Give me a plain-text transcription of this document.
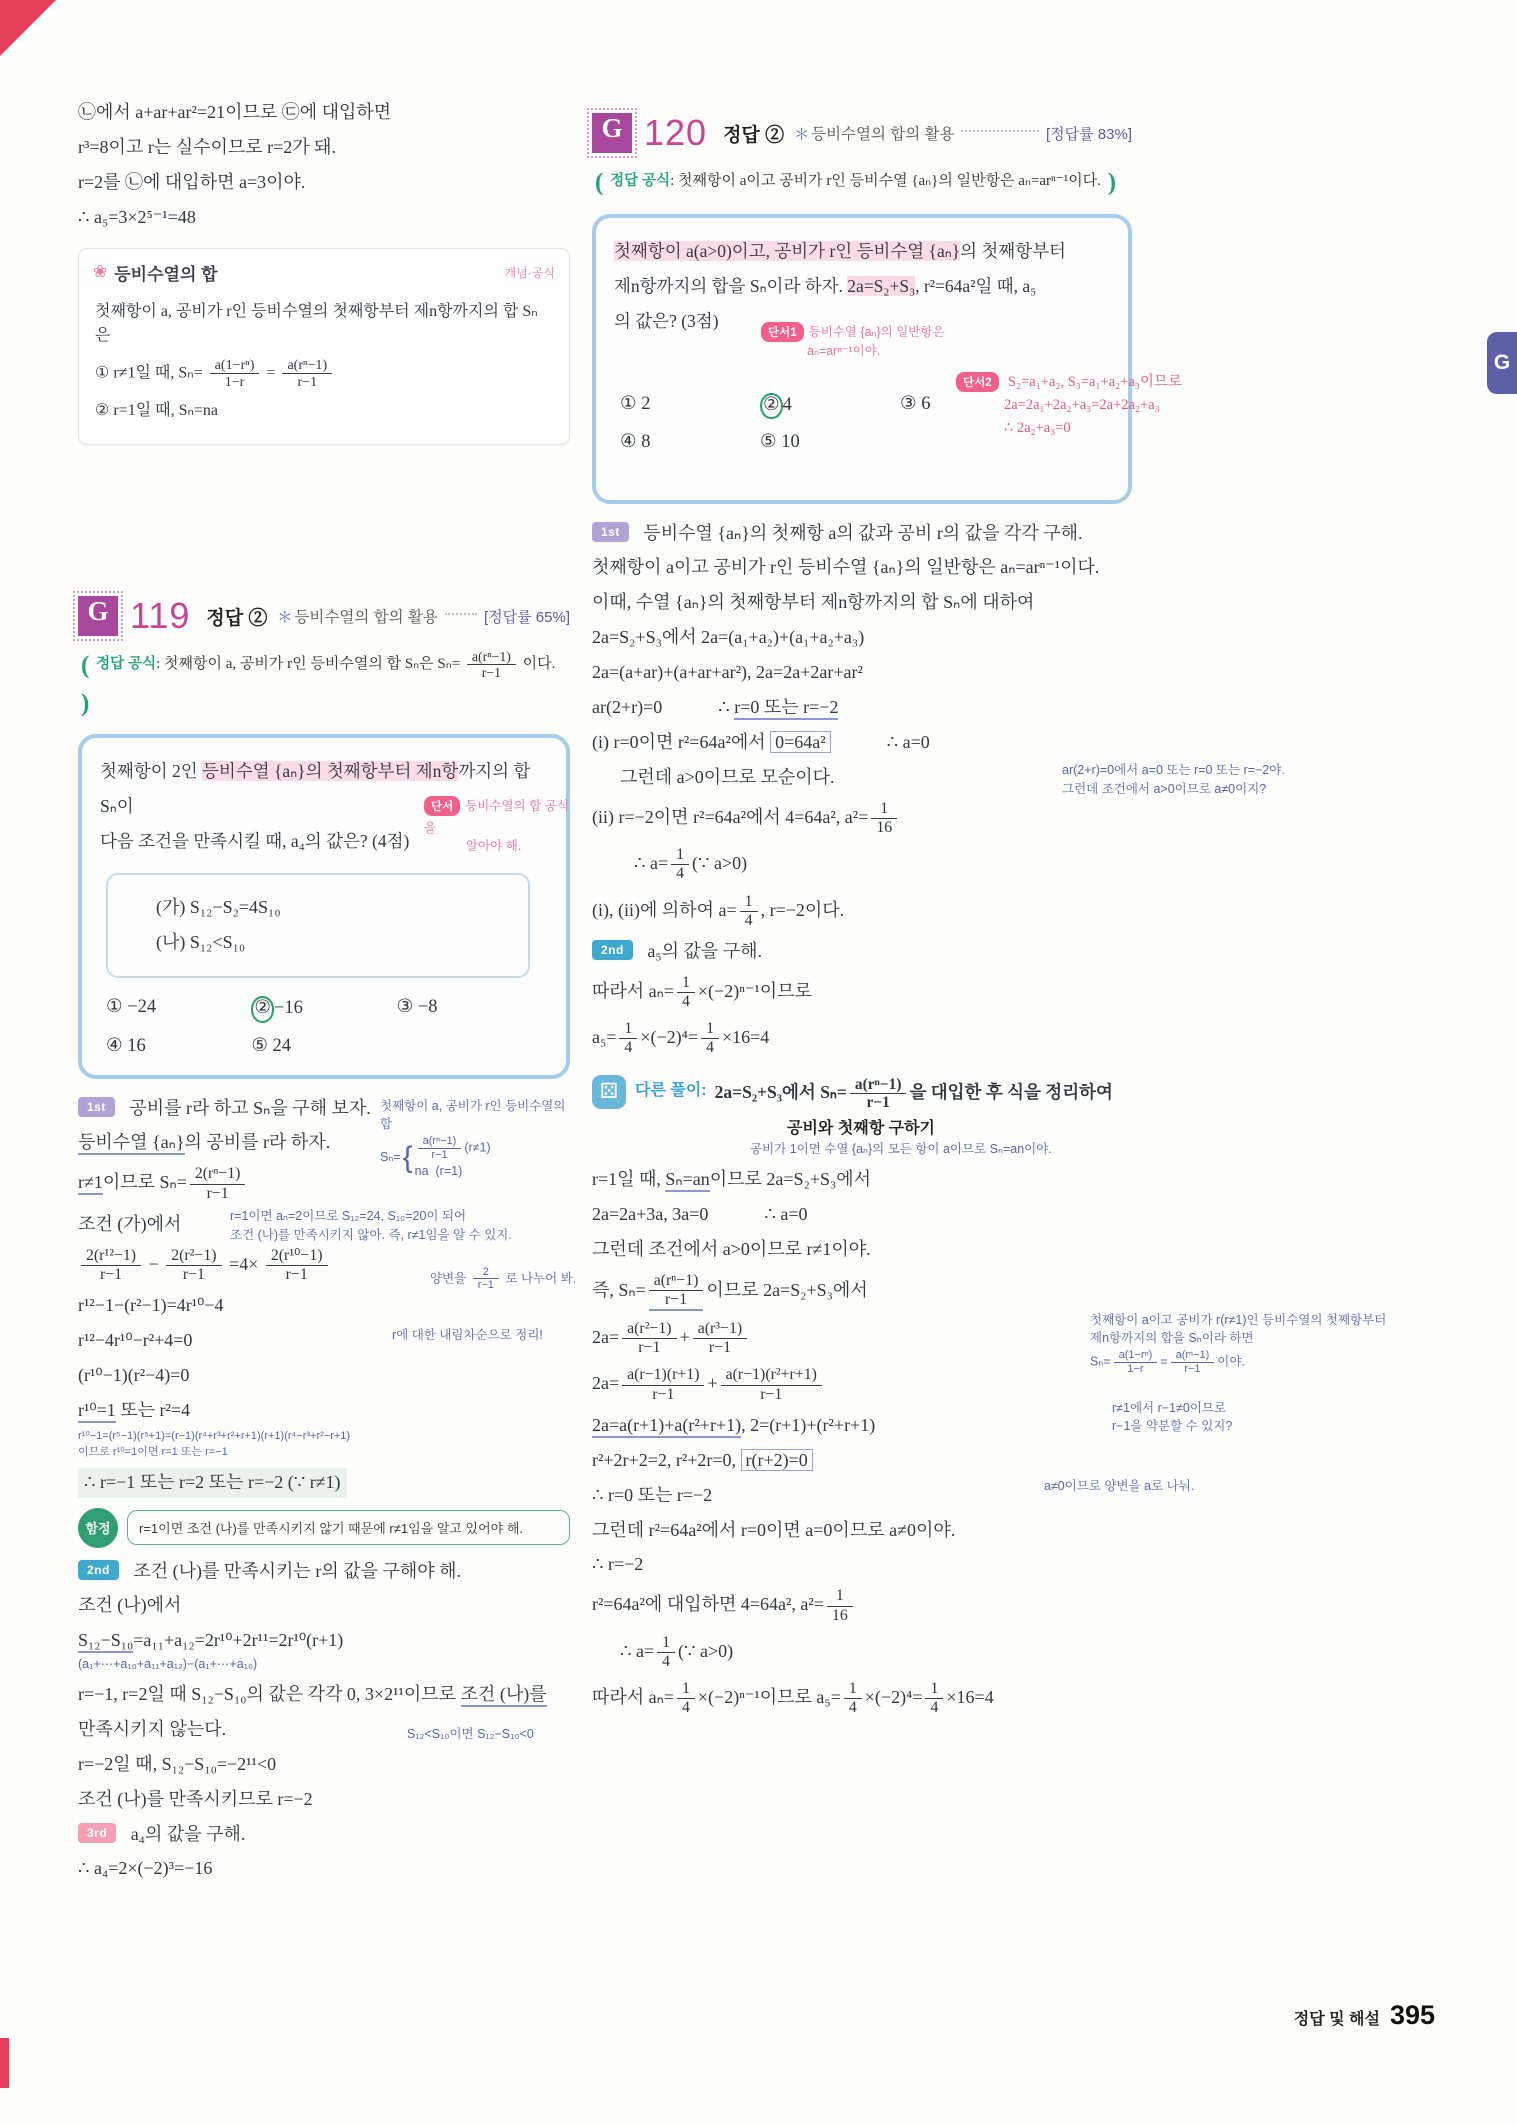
G
㉡에서 a+ar+ar²=21이므로 ㉢에 대입하면
r³=8이고 r는 실수이므로 r=2가 돼.
r=2를 ㉡에 대입하면 a=3이야.
∴ a₅=3×2⁵⁻¹=48
❀ 등비수열의 합	개념·공식
첫째항이 a, 공비가 r인 등비수열의 첫째항부터 제n항까지의 합 Sₙ은
① r≠1일 때, $S_n= \frac{\text{a(1−rⁿ)}}{1-r} = \frac{\text{a(rⁿ−1)}}{r-1}$
② r=1일 때, Sₙ=na
G 119 정답 ② ＊ 등비수열의 합의 활용	[정답률 65%]
( 정답 공식: 첫째항이 a, 공비가 r인 등비수열의 합 Sₙ은 $S_n= \frac{\text{a(rⁿ−1)}}{r-1}$ 이다. )
첫째항이 2인 등비수열 {aₙ}의 첫째항부터 제n항까지의 합 Sₙ이
다음 조건을 만족시킬 때, a₄의 값은? (4점)
단서 등비수열의 합 공식을
알아야 해.
(가) S₁₂−S₂=4S₁₀
(나) S₁₂<S₁₀
① −24	② −16	③ −8
④ 16	⑤ 24
1st 공비를 r라 하고 Sₙ을 구해 보자. 첫째항이 a, 공비가 r인 등비수열의 합
Sₙ= { $\frac{\text{a(rⁿ−1)}}{r-1} (r\ne 1)$
na (r=1)
등비수열 {aₙ}의 공비를 r라 하자.
r≠1이므로 $S_n= \frac{\text{2(rⁿ−1)}}{r-1}$
조건 (가)에서	r=1이면 aₙ=2이므로 S₁₂=24, S₁₀=20이 되어
조건 (나)를 만족시키지 않아. 즉, r≠1임을 알 수 있지.
$\frac{\text{2(r¹²−1)}}{r-1} - \frac{\text{2(r²−1)}}{r-1} =4\times \frac{\text{2(r¹⁰−1)}}{r-1}$	양변을 $\frac{2}{r-1}$ 로 나누어 봐.
r¹²−1−(r²−1)=4r¹⁰−4
r¹²−4r¹⁰−r²+4=0	r에 대한 내림차순으로 정리!
(r¹⁰−1)(r²−4)=0
r¹⁰=1 또는 r²=4
r¹⁰−1=(r⁵−1)(r⁵+1)=(r−1)(r⁴+r³+r²+r+1)(r+1)(r⁴−r³+r²−r+1)
이므로 r¹⁰=1이면 r=1 또는 r=−1
∴ r=−1 또는 r=2 또는 r=−2 (∵ r≠1)
함정	r=1이면 조건 (나)를 만족시키지 않기 때문에 r≠1임을 알고 있어야 해.
2nd 조건 (나)를 만족시키는 r의 값을 구해야 해.
조건 (나)에서
S₁₂−S₁₀=a₁₁+a₁₂=2r¹⁰+2r¹¹=2r¹⁰(r+1)
(a₁+⋯+a₁₀+a₁₁+a₁₂)−(a₁+⋯+a₁₀)
r=−1, r=2일 때 S₁₂−S₁₀의 값은 각각 0, 3×2¹¹이므로 조건 (나)를
만족시키지 않는다.	S₁₂<S₁₀이면 S₁₂−S₁₀<0
r=−2일 때, S₁₂−S₁₀=−2¹¹<0
조건 (나)를 만족시키므로 r=−2
3rd a₄의 값을 구해.
∴ a₄=2×(−2)³=−16
G 120 정답 ② ＊ 등비수열의 합의 활용	[정답률 83%]
( 정답 공식: 첫째항이 a이고 공비가 r인 등비수열 {aₙ}의 일반항은 aₙ=arⁿ⁻¹이다. )
첫째항이 a(a>0)이고, 공비가 r인 등비수열 {aₙ}의 첫째항부터
제n항까지의 합을 Sₙ이라 하자. 2a=S₂+S₃, r²=64a²일 때, a₅
의 값은? (3점)
단서1 등비수열 {aₙ}의 일반항은
aₙ=arⁿ⁻¹이야.
① 2	② 4	③ 6
④ 8	⑤ 10
단서2 S₂=a₁+a₂, S₃=a₁+a₂+a₃이므로
2a=2a₁+2a₂+a₃=2a+2a₂+a₃
∴ 2a₂+a₃=0
1st 등비수열 {aₙ}의 첫째항 a의 값과 공비 r의 값을 각각 구해.
첫째항이 a이고 공비가 r인 등비수열 {aₙ}의 일반항은 aₙ=arⁿ⁻¹이다.
이때, 수열 {aₙ}의 첫째항부터 제n항까지의 합 Sₙ에 대하여
2a=S₂+S₃에서 2a=(a₁+a₂)+(a₁+a₂+a₃)
2a=(a+ar)+(a+ar+ar²), 2a=2a+2ar+ar²
ar(2+r)=0	∴ r=0 또는 r=−2
(i) r=0이면 r²=64a²에서 0=64a²	∴ a=0
그런데 a>0이므로 모순이다.	ar(2+r)=0에서 a=0 또는 r=0 또는 r=−2야.
그런데 조건에서 a>0이므로 a≠0이지?
(ii) r=−2이면 r²=64a²에서 4=64a², $a^2= \frac{1}{16}$
∴ $a= \frac{1}{4}$ (∵ a>0)
(i), (ii)에 의하여 $a= \frac{1}{4}$ , r=−2이다.
2nd a₅의 값을 구해.
따라서 $a_n= \frac{1}{4} \times(-2)^{n-1}$이므로
$a_5= \frac{1}{4} \times(-2)^4= \frac{1}{4} \times 16=4$
⚄	다른 풀이: 2a=S₂+S₃에서 $S_n= \frac{\text{a(rⁿ−1)}}{r-1}$ 을 대입한 후 식을 정리하여
공비와 첫째항 구하기
공비가 1이면 수열 {aₙ}의 모든 항이 a이므로 Sₙ=an이야.
r=1일 때, Sₙ=an이므로 2a=S₂+S₃에서
2a=2a+3a, 3a=0	∴ a=0
그런데 조건에서 a>0이므로 r≠1이야.
즉, $S_n= \frac{\text{a(rⁿ−1)}}{r-1}$ 이므로 2a=S₂+S₃에서
첫째항이 a이고 공비가 r(r≠1)인 등비수열의 첫째항부터
제n항까지의 합을 Sₙ이라 하면
$S_n= \frac{\text{a(1−rⁿ)}}{1-r} = \frac{\text{a(rⁿ−1)}}{r-1}$ 이야.
$2a= \frac{\text{a(r²−1)}}{r-1} + \frac{\text{a(r³−1)}}{r-1}$
$2a= \frac{a(r-1)(r+1)}{r-1} + \frac{\text{a(r−1)(r²+r+1)}}{r-1}$
r≠1에서 r−1≠0이므로
r−1을 약분할 수 있지?
2a=a(r+1)+a(r²+r+1), 2=(r+1)+(r²+r+1)
r²+2r+2=2, r²+2r=0, r(r+2)=0
a≠0이므로 양변을 a로 나눠.
∴ r=0 또는 r=−2
그런데 r²=64a²에서 r=0이면 a=0이므로 a≠0이야.
∴ r=−2
r²=64a²에 대입하면 4=64a², $a^2= \frac{1}{16}$
∴ $a= \frac{1}{4}$ (∵ a>0)
따라서 $a_n= \frac{1}{4} \times(-2)^{n-1}$이므로 $a_5= \frac{1}{4} \times(-2)^4= \frac{1}{4} \times 16=4$
정답 및 해설 395
